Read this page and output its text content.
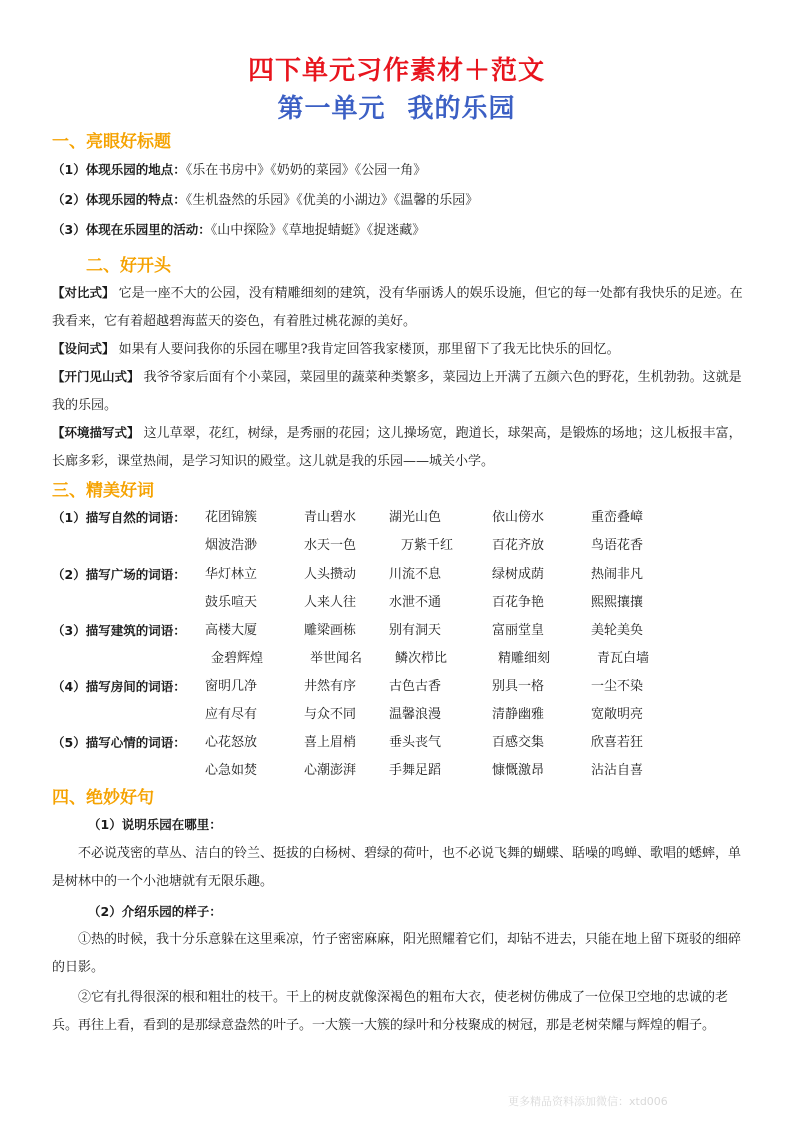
四下单元习作素材＋范文
第一单元 我的乐园
一、亮眼好标题
（1）体现乐园的地点：《乐在书房中》《奶奶的菜园》《公园一角》
（2）体现乐园的特点：《生机盎然的乐园》《优美的小湖边》《温馨的乐园》
（3）体现在乐园里的活动：《山中探险》《草地捉蜻蜓》《捉迷藏》
二、好开头
【对比式】 它是一座不大的公园，没有精雕细刻的建筑，没有华丽诱人的娱乐设施，但它的每一处都有我快乐的足迹。在我看来，它有着超越碧海蓝天的姿色，有着胜过桃花源的美好。
【设问式】 如果有人要问我你的乐园在哪里?我肯定回答我家楼顶，那里留下了我无比快乐的回忆。
【开门见山式】 我爷爷家后面有个小菜园，菜园里的蔬菜种类繁多，菜园边上开满了五颜六色的野花，生机勃勃。这就是我的乐园。
【环境描写式】 这儿草翠，花红，树绿，是秀丽的花园；这儿操场宽，跑道长，球架高，是锻炼的场地；这儿板报丰富，长廊多彩，课堂热闹，是学习知识的殿堂。这儿就是我的乐园——城关小学。
三、精美好词
（1）描写自然的词语： 花团锦簇	青山碧水	湖光山色	依山傍水	重峦叠嶂
烟波浩渺	水天一色	万紫千红	百花齐放	鸟语花香
（2）描写广场的词语： 华灯林立	人头攒动	川流不息	绿树成荫	热闹非凡
鼓乐喧天	人来人往	水泄不通	百花争艳	熙熙攘攘
（3）描写建筑的词语： 高楼大厦	雕梁画栋	别有洞天	富丽堂皇	美轮美奂
金碧辉煌	举世闻名	鳞次栉比	精雕细刻	青瓦白墙
（4）描写房间的词语： 窗明几净	井然有序	古色古香	别具一格	一尘不染
应有尽有	与众不同	温馨浪漫	清静幽雅	宽敞明亮
（5）描写心情的词语： 心花怒放	喜上眉梢	垂头丧气	百感交集	欣喜若狂
心急如焚	心潮澎湃	手舞足蹈	慷慨激昂	沾沾自喜
四、绝妙好句
（1）说明乐园在哪里：
不必说茂密的草丛、洁白的铃兰、挺拔的白杨树、碧绿的荷叶，也不必说飞舞的蝴蝶、聒噪的鸣蝉、歌唱的蟋蟀，单是树林中的一个小池塘就有无限乐趣。
（2）介绍乐园的样子：
①热的时候，我十分乐意躲在这里乘凉，竹子密密麻麻，阳光照耀着它们，却钻不进去，只能在地上留下斑驳的细碎的日影。
②它有扎得很深的根和粗壮的枝干。干上的树皮就像深褐色的粗布大衣，使老树仿佛成了一位保卫空地的忠诚的老兵。再往上看，看到的是那绿意盎然的叶子。一大簇一大簇的绿叶和分枝聚成的树冠，那是老树荣耀与辉煌的帽子。
更多精品资料添加微信：xtd006
